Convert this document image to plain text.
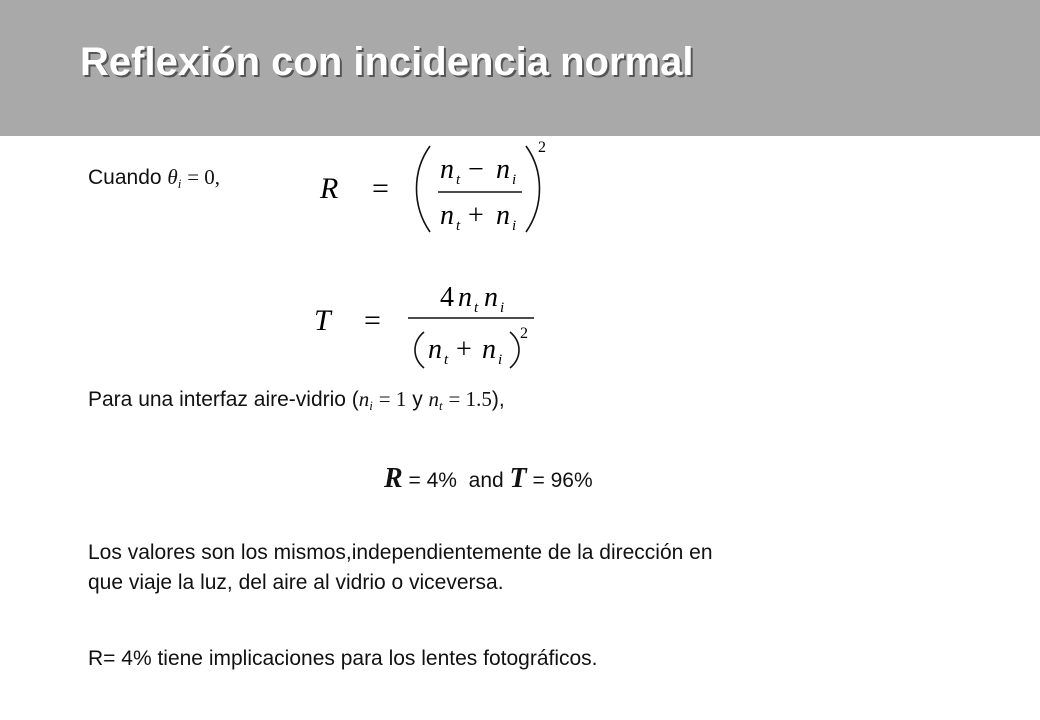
Reflexión con incidencia normal
Cuando $\theta_i = 0$,	R =
n t − n i
n t + n i
2
T =
4 n t n i
n t + n i
2
Para una interfaz aire-vidrio ($n_i = 1$ y $n_t = 1.5$),
R = 4% and T = 96%
Los valores son los mismos,independientemente de la dirección en
que viaje la luz, del aire al vidrio o viceversa.
R= 4% tiene implicaciones para los lentes fotográficos.
